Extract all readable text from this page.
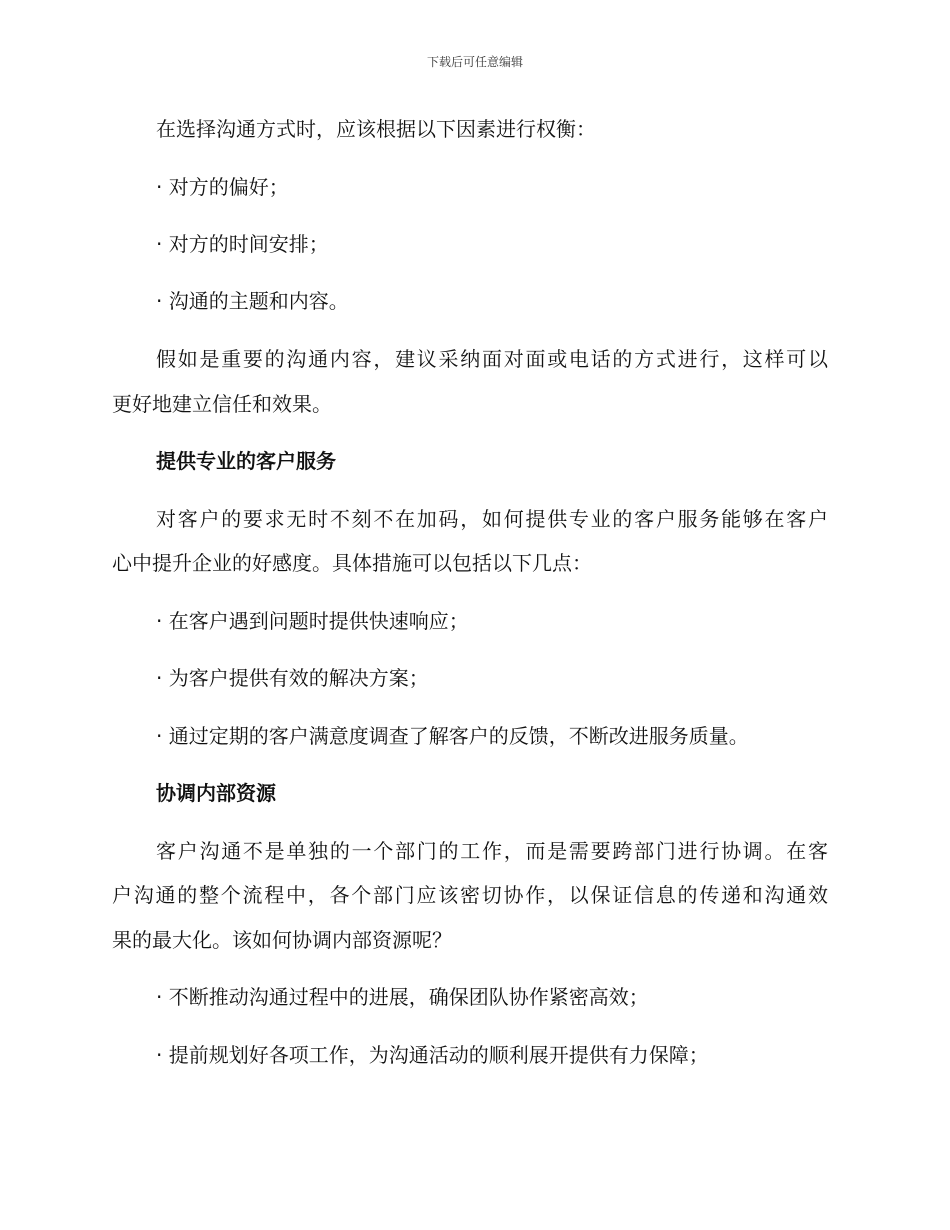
下载后可任意编辑
在选择沟通方式时，应该根据以下因素进行权衡：
· 对方的偏好；
· 对方的时间安排；
· 沟通的主题和内容。
假如是重要的沟通内容，建议采纳面对面或电话的方式进行，这样可以
更好地建立信任和效果。
提供专业的客户服务
对客户的要求无时不刻不在加码，如何提供专业的客户服务能够在客户
心中提升企业的好感度。具体措施可以包括以下几点：
· 在客户遇到问题时提供快速响应；
· 为客户提供有效的解决方案；
· 通过定期的客户满意度调查了解客户的反馈，不断改进服务质量。
协调内部资源
客户沟通不是单独的一个部门的工作，而是需要跨部门进行协调。在客
户沟通的整个流程中，各个部门应该密切协作，以保证信息的传递和沟通效
果的最大化。该如何协调内部资源呢？
· 不断推动沟通过程中的进展，确保团队协作紧密高效；
· 提前规划好各项工作，为沟通活动的顺利展开提供有力保障；
